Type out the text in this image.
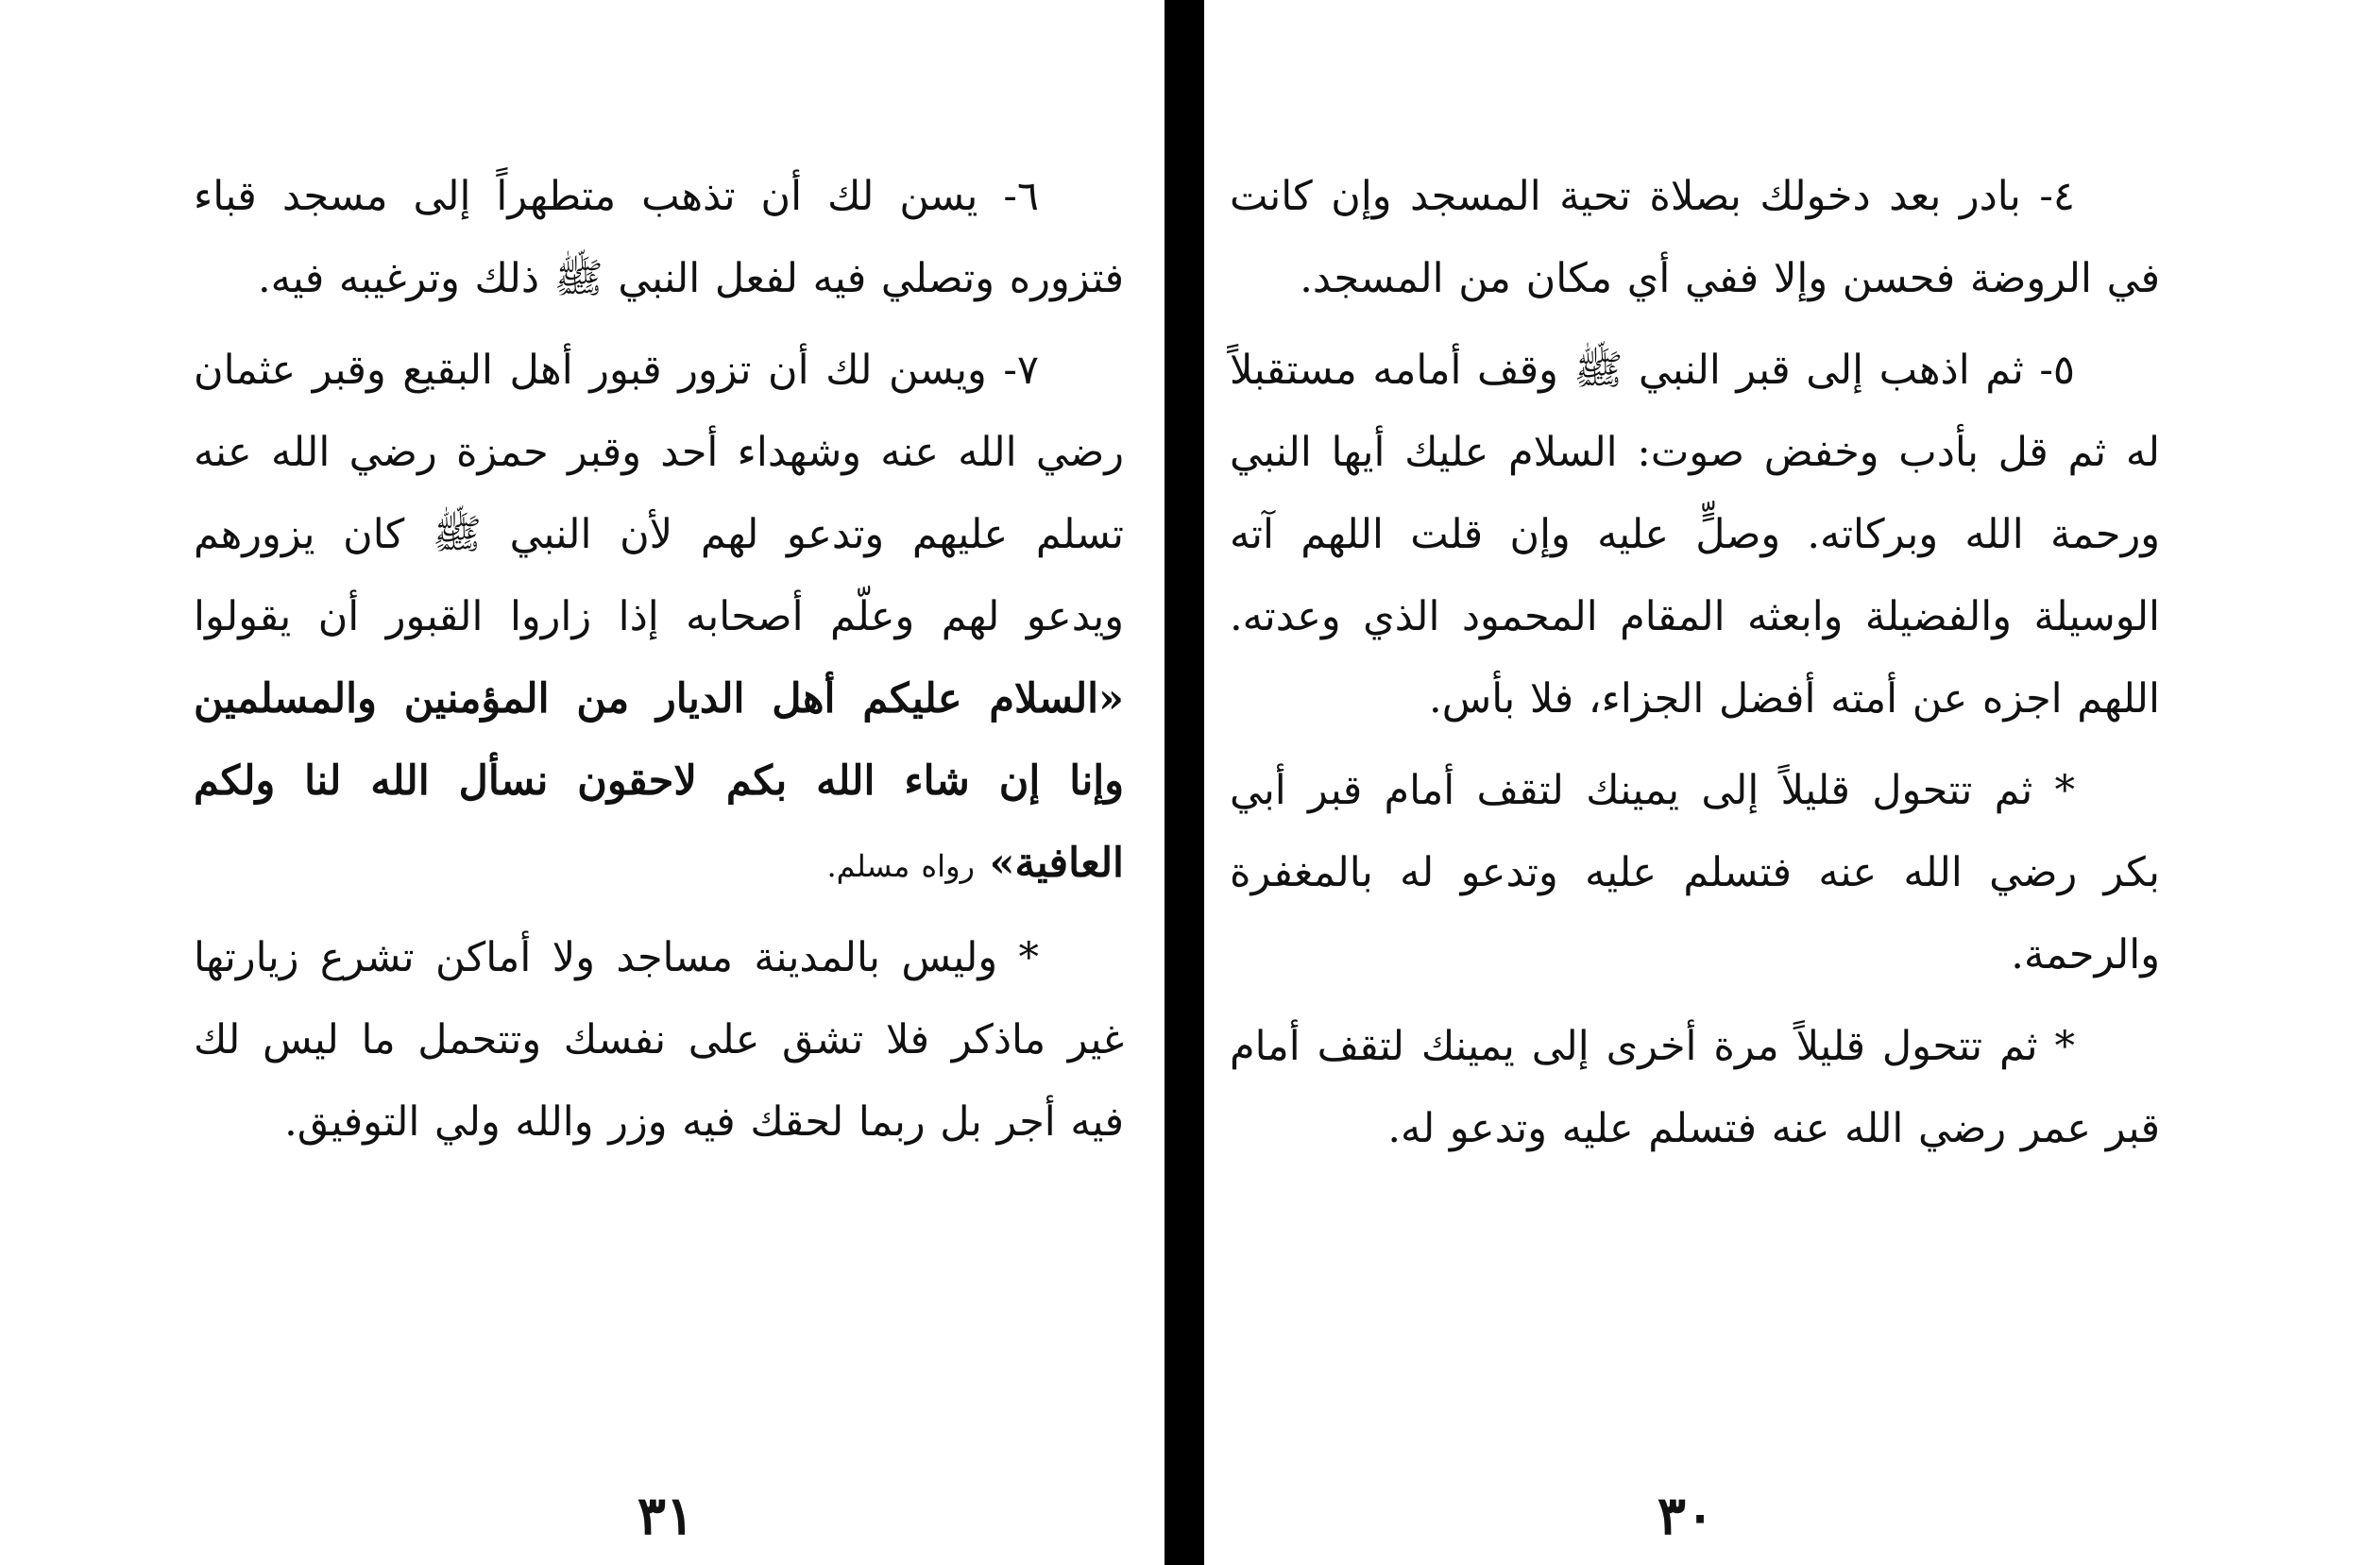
٦- يسن لك أن تذهب متطهراً إلى مسجد قباء فتزوره وتصلي فيه لفعل النبي ﷺ ذلك وترغيبه فيه.

٧- ويسن لك أن تزور قبور أهل البقيع وقبر عثمان رضي الله عنه وشهداء أحد وقبر حمزة رضي الله عنه تسلم عليهم وتدعو لهم لأن النبي ﷺ كان يزورهم ويدعو لهم وعلّم أصحابه إذا زاروا القبور أن يقولوا «السلام عليكم أهل الديار من المؤمنين والمسلمين وإنا إن شاء الله بكم لاحقون نسأل الله لنا ولكم العافية» رواه مسلم.

* وليس بالمدينة مساجد ولا أماكن تشرع زيارتها غير ماذكر فلا تشق على نفسك وتتحمل ما ليس لك فيه أجر بل ربما لحقك فيه وزر والله ولي التوفيق.

٣١

٤- بادر بعد دخولك بصلاة تحية المسجد وإن كانت في الروضة فحسن وإلا ففي أي مكان من المسجد.

٥- ثم اذهب إلى قبر النبي ﷺ وقف أمامه مستقبلاً له ثم قل بأدب وخفض صوت: السلام عليك أيها النبي ورحمة الله وبركاته. وصلٍّ عليه وإن قلت اللهم آته الوسيلة والفضيلة وابعثه المقام المحمود الذي وعدته. اللهم اجزه عن أمته أفضل الجزاء، فلا بأس.

* ثم تتحول قليلاً إلى يمينك لتقف أمام قبر أبي بكر رضي الله عنه فتسلم عليه وتدعو له بالمغفرة والرحمة.

* ثم تتحول قليلاً مرة أخرى إلى يمينك لتقف أمام قبر عمر رضي الله عنه فتسلم عليه وتدعو له.

٣٠
